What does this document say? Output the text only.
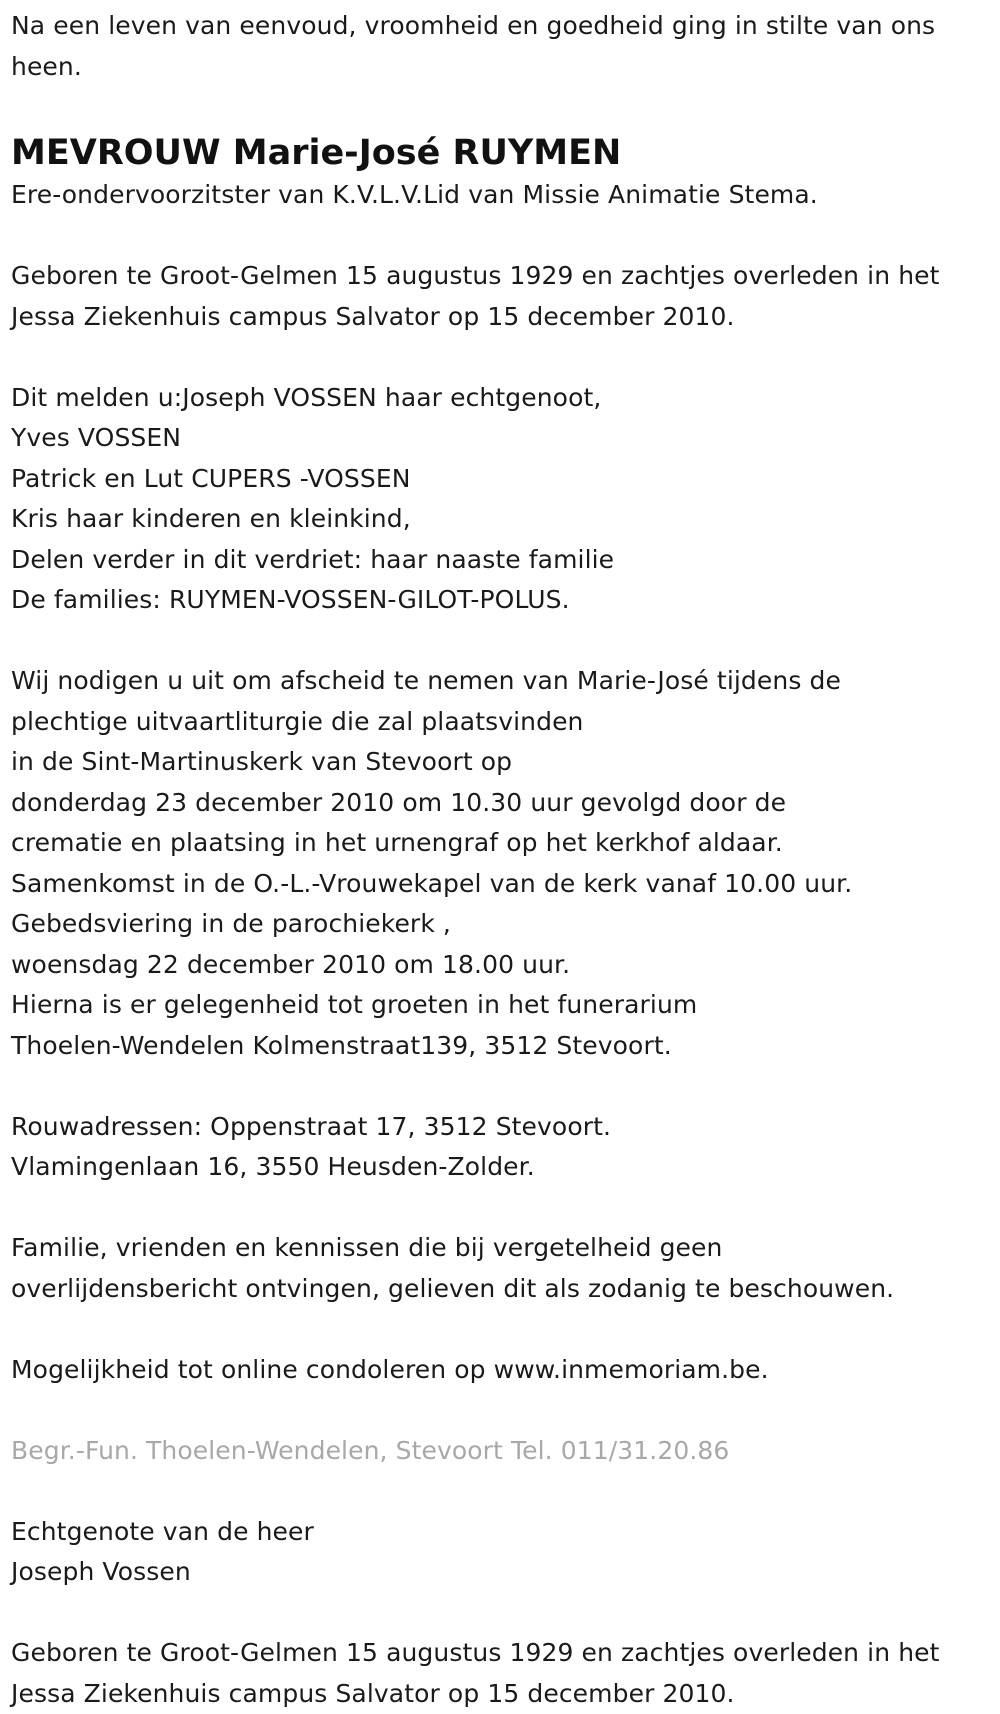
Na een leven van eenvoud, vroomheid en goedheid ging in stilte van ons
heen.
MEVROUW Marie-José RUYMEN
Ere-ondervoorzitster van K.V.L.V.Lid van Missie Animatie Stema.
Geboren te Groot-Gelmen 15 augustus 1929 en zachtjes overleden in het
Jessa Ziekenhuis campus Salvator op 15 december 2010.
Dit melden u:Joseph VOSSEN haar echtgenoot,
Yves VOSSEN
Patrick en Lut CUPERS -VOSSEN
Kris haar kinderen en kleinkind,
Delen verder in dit verdriet: haar naaste familie
De families: RUYMEN-VOSSEN-GILOT-POLUS.
Wij nodigen u uit om afscheid te nemen van Marie-José tijdens de
plechtige uitvaartliturgie die zal plaatsvinden
in de Sint-Martinuskerk van Stevoort op
donderdag 23 december 2010 om 10.30 uur gevolgd door de
crematie en plaatsing in het urnengraf op het kerkhof aldaar.
Samenkomst in de O.-L.-Vrouwekapel van de kerk vanaf 10.00 uur.
Gebedsviering in de parochiekerk ,
woensdag 22 december 2010 om 18.00 uur.
Hierna is er gelegenheid tot groeten in het funerarium
Thoelen-Wendelen Kolmenstraat139, 3512 Stevoort.
Rouwadressen: Oppenstraat 17, 3512 Stevoort.
Vlamingenlaan 16, 3550 Heusden-Zolder.
Familie, vrienden en kennissen die bij vergetelheid geen
overlijdensbericht ontvingen, gelieven dit als zodanig te beschouwen.
Mogelijkheid tot online condoleren op www.inmemoriam.be.
Begr.-Fun. Thoelen-Wendelen, Stevoort Tel. 011/31.20.86
Echtgenote van de heer
Joseph Vossen
Geboren te Groot-Gelmen 15 augustus 1929 en zachtjes overleden in het
Jessa Ziekenhuis campus Salvator op 15 december 2010.
